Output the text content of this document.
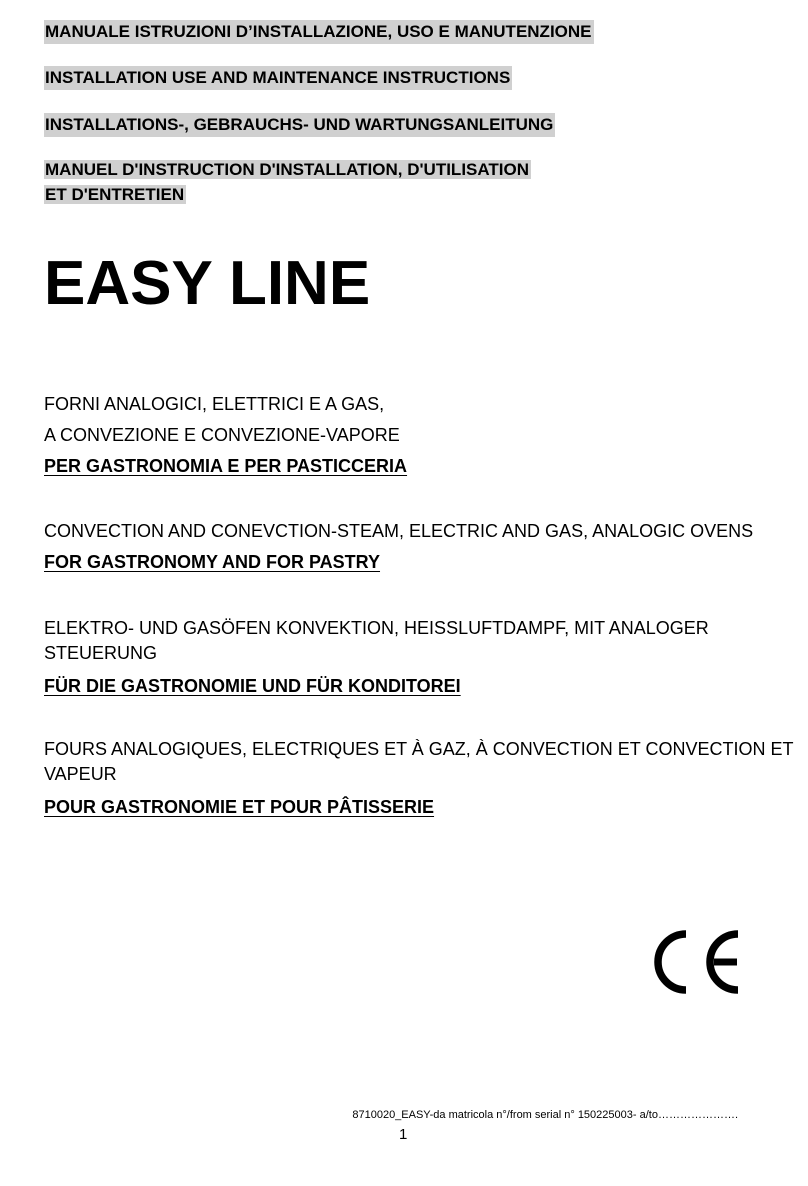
MANUALE ISTRUZIONI D’INSTALLAZIONE, USO E MANUTENZIONE
INSTALLATION USE AND MAINTENANCE INSTRUCTIONS
INSTALLATIONS-, GEBRAUCHS- UND WARTUNGSANLEITUNG
MANUEL D'INSTRUCTION D'INSTALLATION, D'UTILISATION
ET D'ENTRETIEN
EASY LINE
FORNI ANALOGICI, ELETTRICI E A GAS,
A CONVEZIONE E CONVEZIONE-VAPORE
PER GASTRONOMIA E PER PASTICCERIA
CONVECTION AND CONEVCTION-STEAM, ELECTRIC AND GAS, ANALOGIC OVENS
FOR GASTRONOMY AND FOR PASTRY
ELEKTRO- UND GASÖFEN KONVEKTION, HEISSLUFTDAMPF, MIT ANALOGER
STEUERUNG
FÜR DIE GASTRONOMIE UND FÜR KONDITOREI
FOURS ANALOGIQUES, ELECTRIQUES ET À GAZ, À CONVECTION ET CONVECTION ET
VAPEUR
POUR GASTRONOMIE ET POUR PÂTISSERIE
8710020_EASY-da matricola n°/from serial n° 150225003- a/to………………….
1
